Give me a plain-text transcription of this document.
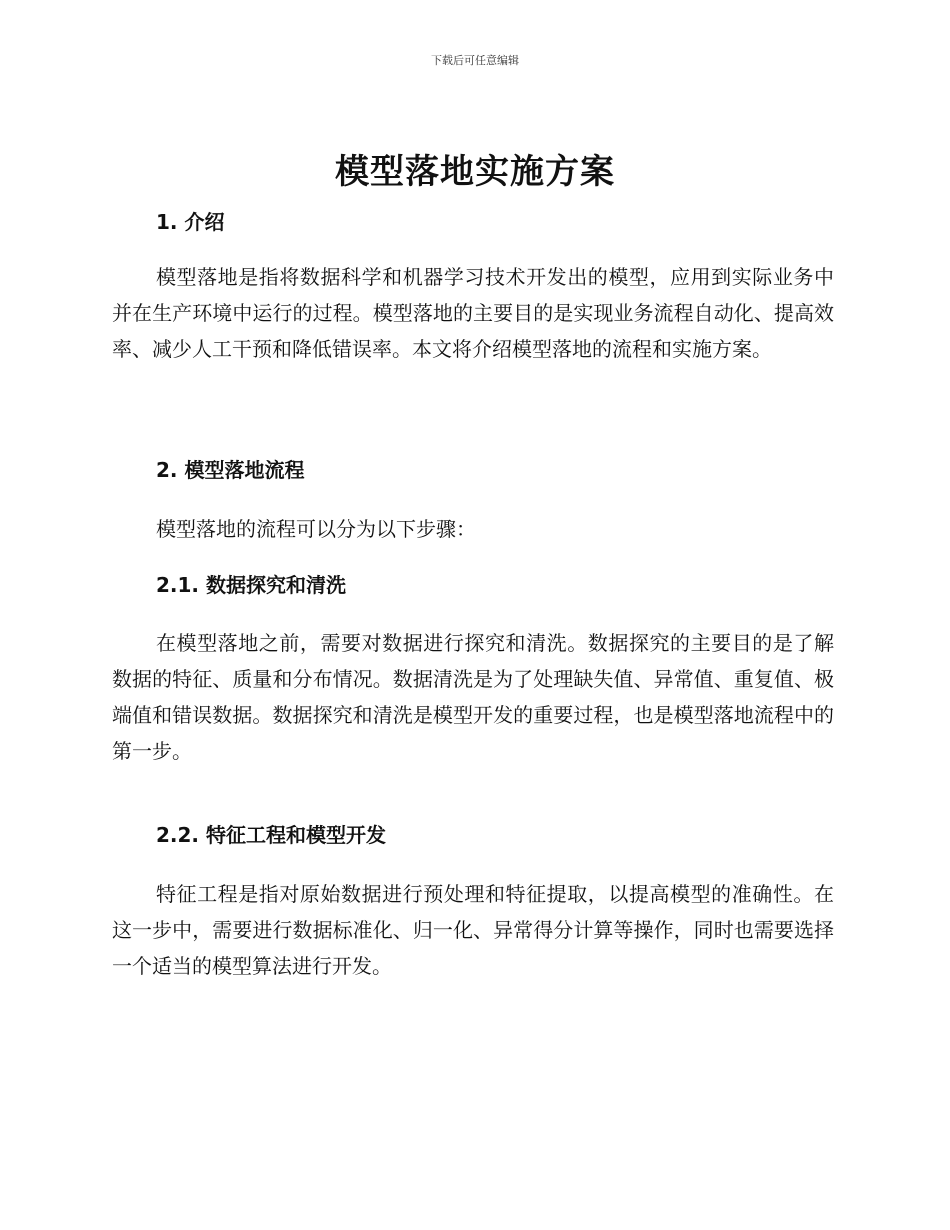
下载后可任意编辑
模型落地实施方案
1. 介绍

模型落地是指将数据科学和机器学习技术开发出的模型，应用到实际业务中并在生产环境中运行的过程。模型落地的主要目的是实现业务流程自动化、提高效率、减少人工干预和降低错误率。本文将介绍模型落地的流程和实施方案。

2. 模型落地流程

模型落地的流程可以分为以下步骤：

2.1. 数据探究和清洗

在模型落地之前，需要对数据进行探究和清洗。数据探究的主要目的是了解数据的特征、质量和分布情况。数据清洗是为了处理缺失值、异常值、重复值、极端值和错误数据。数据探究和清洗是模型开发的重要过程，也是模型落地流程中的第一步。

2.2. 特征工程和模型开发

特征工程是指对原始数据进行预处理和特征提取，以提高模型的准确性。在这一步中，需要进行数据标准化、归一化、异常得分计算等操作，同时也需要选择一个适当的模型算法进行开发。
